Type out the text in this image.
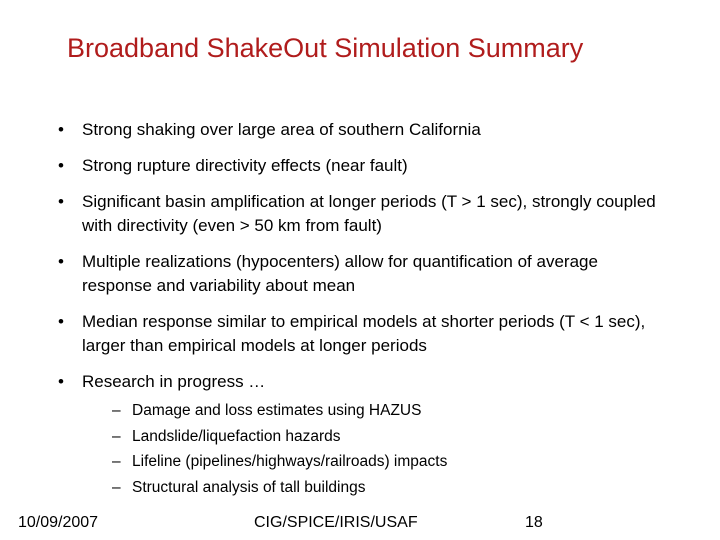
Broadband ShakeOut Simulation Summary
• Strong shaking over large area of southern California
• Strong rupture directivity effects (near fault)
• Significant basin amplification at longer periods (T > 1 sec), strongly coupled with directivity (even > 50 km from fault)
• Multiple realizations (hypocenters) allow for quantification of average response and variability about mean
• Median response similar to empirical models at shorter periods (T < 1 sec), larger than empirical models at longer periods
• Research in progress …
– Damage and loss estimates using HAZUS
– Landslide/liquefaction hazards
– Lifeline (pipelines/highways/railroads) impacts
– Structural analysis of tall buildings
10/09/2007	CIG/SPICE/IRIS/USAF	18
